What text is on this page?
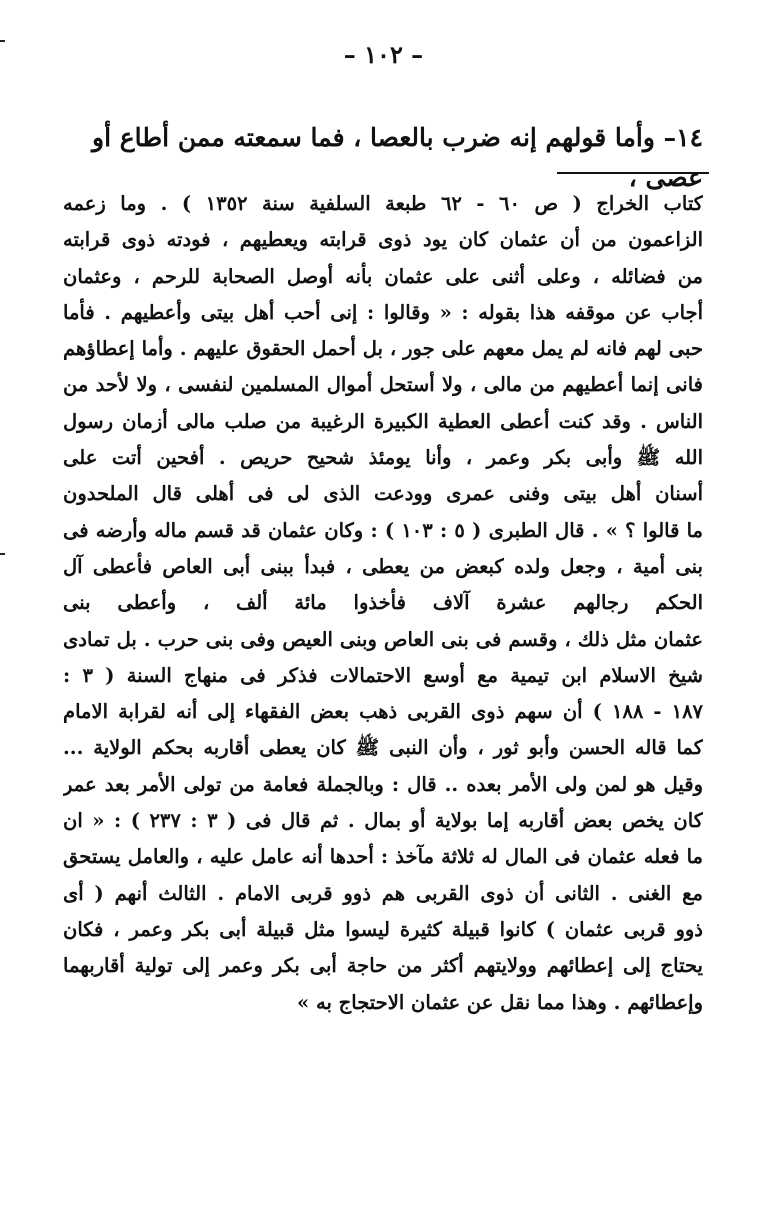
– ١٠٢ –
١٤– وأما قولهم إنه ضرب بالعصا ، فما سمعته ممن أطاع أو عصى ،
كتاب الخراج ( ص ٦٠ - ٦٢ طبعة السلفية سنة ١٣٥٢ ) . وما زعمه
الزاعمون من أن عثمان كان يود ذوى قرابته ويعطيهم ، فودته ذوى قرابته
من فضائله ، وعلى أثنى على عثمان بأنه أوصل الصحابة للرحم ، وعثمان
أجاب عن موقفه هذا بقوله : « وقالوا : إنى أحب أهل بيتى وأعطيهم . فأما
حبى لهم فانه لم يمل معهم على جور ، بل أحمل الحقوق عليهم . وأما إعطاؤهم
فانى إنما أعطيهم من مالى ، ولا أستحل أموال المسلمين لنفسى ، ولا لأحد من
الناس . وقد كنت أعطى العطية الكبيرة الرغيبة من صلب مالى أزمان رسول
الله ﷺ وأبى بكر وعمر ، وأنا يومئذ شحيح حريص . أفحين أتت على
أسنان أهل بيتى وفنى عمرى وودعت الذى لى فى أهلى قال الملحدون
ما قالوا ؟ » . قال الطبرى ( ٥ : ١٠٣ ) : وكان عثمان قد قسم ماله وأرضه فى
بنى أمية ، وجعل ولده كبعض من يعطى ، فبدأ ببنى أبى العاص فأعطى آل
الحكم رجالهم عشرة آلاف فأخذوا مائة ألف ، وأعطى بنى
عثمان مثل ذلك ، وقسم فى بنى العاص وبنى العيص وفى بنى حرب . بل تمادى
شيخ الاسلام ابن تيمية مع أوسع الاحتمالات فذكر فى منهاج السنة ( ٣ :
١٨٧ - ١٨٨ ) أن سهم ذوى القربى ذهب بعض الفقهاء إلى أنه لقرابة الامام
كما قاله الحسن وأبو ثور ، وأن النبى ﷺ كان يعطى أقاربه بحكم الولاية ...
وقيل هو لمن ولى الأمر بعده .. قال : وبالجملة فعامة من تولى الأمر بعد عمر
كان يخص بعض أقاربه إما بولاية أو بمال . ثم قال فى ( ٣ : ٢٣٧ ) : « ان
ما فعله عثمان فى المال له ثلاثة مآخذ : أحدها أنه عامل عليه ، والعامل يستحق
مع الغنى . الثانى أن ذوى القربى هم ذوو قربى الامام . الثالث أنهم ( أى
ذوو قربى عثمان ) كانوا قبيلة كثيرة ليسوا مثل قبيلة أبى بكر وعمر ، فكان
يحتاج إلى إعطائهم وولايتهم أكثر من حاجة أبى بكر وعمر إلى تولية أقاربهما
وإعطائهم . وهذا مما نقل عن عثمان الاحتجاج به »
